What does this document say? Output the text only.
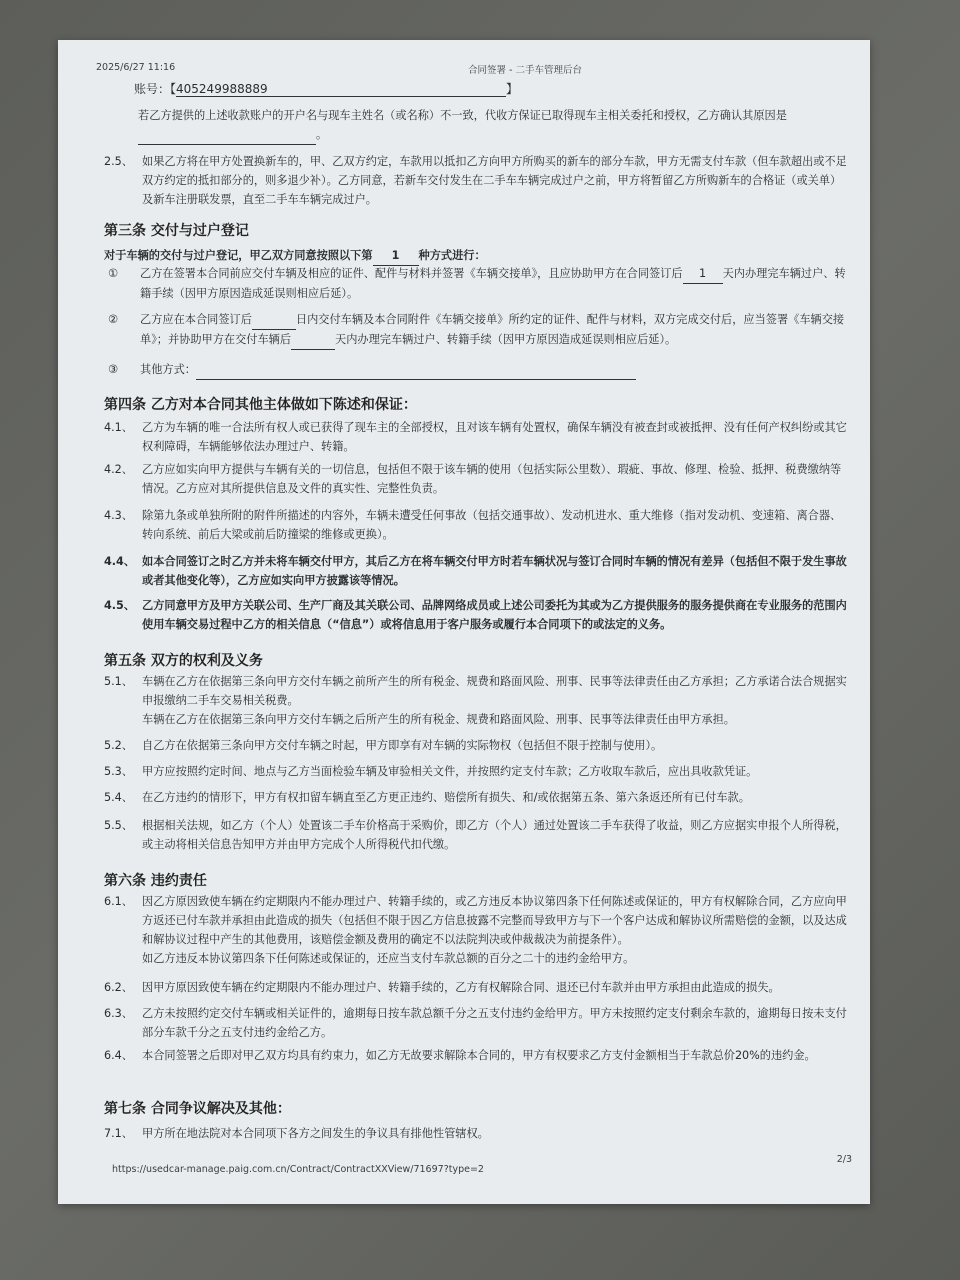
2025/6/27 11:16	合同签署 - 二手车管理后台
账号：【405249988889	】
若乙方提供的上述收款账户的开户名与现车主姓名（或名称）不一致，代收方保证已取得现车主相关委托和授权，乙方确认其原因是 。
2.5、 如果乙方将在甲方处置换新车的，甲、乙双方约定，车款用以抵扣乙方向甲方所购买的新车的部分车款，甲方无需支付车款（但车款超出或不足双方约定的抵扣部分的，则多退少补）。乙方同意，若新车交付发生在二手车车辆完成过户之前，甲方将暂留乙方所购新车的合格证（或关单）及新车注册联发票，直至二手车车辆完成过户。
第三条 交付与过户登记
对于车辆的交付与过户登记，甲乙双方同意按照以下第 1 种方式进行：
① 乙方在签署本合同前应交付车辆及相应的证件、配件与材料并签署《车辆交接单》，且应协助甲方在合同签订后 1 天内办理完车辆过户、转籍手续（因甲方原因造成延误则相应后延）。
② 乙方应在本合同签订后	日内交付车辆及本合同附件《车辆交接单》所约定的证件、配件与材料，双方完成交付后，应当签署《车辆交接单》；并协助甲方在交付车辆后	天内办理完车辆过户、转籍手续（因甲方原因造成延误则相应后延）。
③ 其他方式：
第四条 乙方对本合同其他主体做如下陈述和保证：
4.1、 乙方为车辆的唯一合法所有权人或已获得了现车主的全部授权，且对该车辆有处置权，确保车辆没有被查封或被抵押、没有任何产权纠纷或其它权利障碍，车辆能够依法办理过户、转籍。
4.2、 乙方应如实向甲方提供与车辆有关的一切信息，包括但不限于该车辆的使用（包括实际公里数）、瑕疵、事故、修理、检验、抵押、税费缴纳等情况。乙方应对其所提供信息及文件的真实性、完整性负责。
4.3、 除第九条或单独所附的附件所描述的内容外，车辆未遭受任何事故（包括交通事故）、发动机进水、重大维修（指对发动机、变速箱、离合器、转向系统、前后大梁或前后防撞梁的维修或更换）。
4.4、 如本合同签订之时乙方并未将车辆交付甲方，其后乙方在将车辆交付甲方时若车辆状况与签订合同时车辆的情况有差异（包括但不限于发生事故或者其他变化等），乙方应如实向甲方披露该等情况。
4.5、 乙方同意甲方及甲方关联公司、生产厂商及其关联公司、品牌网络成员或上述公司委托为其或为乙方提供服务的服务提供商在专业服务的范围内使用车辆交易过程中乙方的相关信息（“信息”）或将信息用于客户服务或履行本合同项下的或法定的义务。
第五条 双方的权利及义务
5.1、 车辆在乙方在依据第三条向甲方交付车辆之前所产生的所有税金、规费和路面风险、刑事、民事等法律责任由乙方承担；乙方承诺合法合规据实申报缴纳二手车交易相关税费。
车辆在乙方在依据第三条向甲方交付车辆之后所产生的所有税金、规费和路面风险、刑事、民事等法律责任由甲方承担。
5.2、 自乙方在依据第三条向甲方交付车辆之时起，甲方即享有对车辆的实际物权（包括但不限于控制与使用）。
5.3、 甲方应按照约定时间、地点与乙方当面检验车辆及审验相关文件，并按照约定支付车款；乙方收取车款后，应出具收款凭证。
5.4、 在乙方违约的情形下，甲方有权扣留车辆直至乙方更正违约、赔偿所有损失、和/或依据第五条、第六条返还所有已付车款。
5.5、 根据相关法规，如乙方（个人）处置该二手车价格高于采购价，即乙方（个人）通过处置该二手车获得了收益，则乙方应据实申报个人所得税，或主动将相关信息告知甲方并由甲方完成个人所得税代扣代缴。
第六条 违约责任
6.1、 因乙方原因致使车辆在约定期限内不能办理过户、转籍手续的，或乙方违反本协议第四条下任何陈述或保证的，甲方有权解除合同，乙方应向甲方返还已付车款并承担由此造成的损失（包括但不限于因乙方信息披露不完整而导致甲方与下一个客户达成和解协议所需赔偿的金额，以及达成和解协议过程中产生的其他费用，该赔偿金额及费用的确定不以法院判决或仲裁裁决为前提条件）。
如乙方违反本协议第四条下任何陈述或保证的，还应当支付车款总额的百分之二十的违约金给甲方。
6.2、 因甲方原因致使车辆在约定期限内不能办理过户、转籍手续的，乙方有权解除合同、退还已付车款并由甲方承担由此造成的损失。
6.3、 乙方未按照约定交付车辆或相关证件的，逾期每日按车款总额千分之五支付违约金给甲方。甲方未按照约定支付剩余车款的，逾期每日按未支付部分车款千分之五支付违约金给乙方。
6.4、 本合同签署之后即对甲乙双方均具有约束力，如乙方无故要求解除本合同的，甲方有权要求乙方支付金额相当于车款总价20%的违约金。
第七条 合同争议解决及其他：
7.1、 甲方所在地法院对本合同项下各方之间发生的争议具有排他性管辖权。
https://usedcar-manage.paig.com.cn/Contract/ContractXXView/71697?type=2
2/3
